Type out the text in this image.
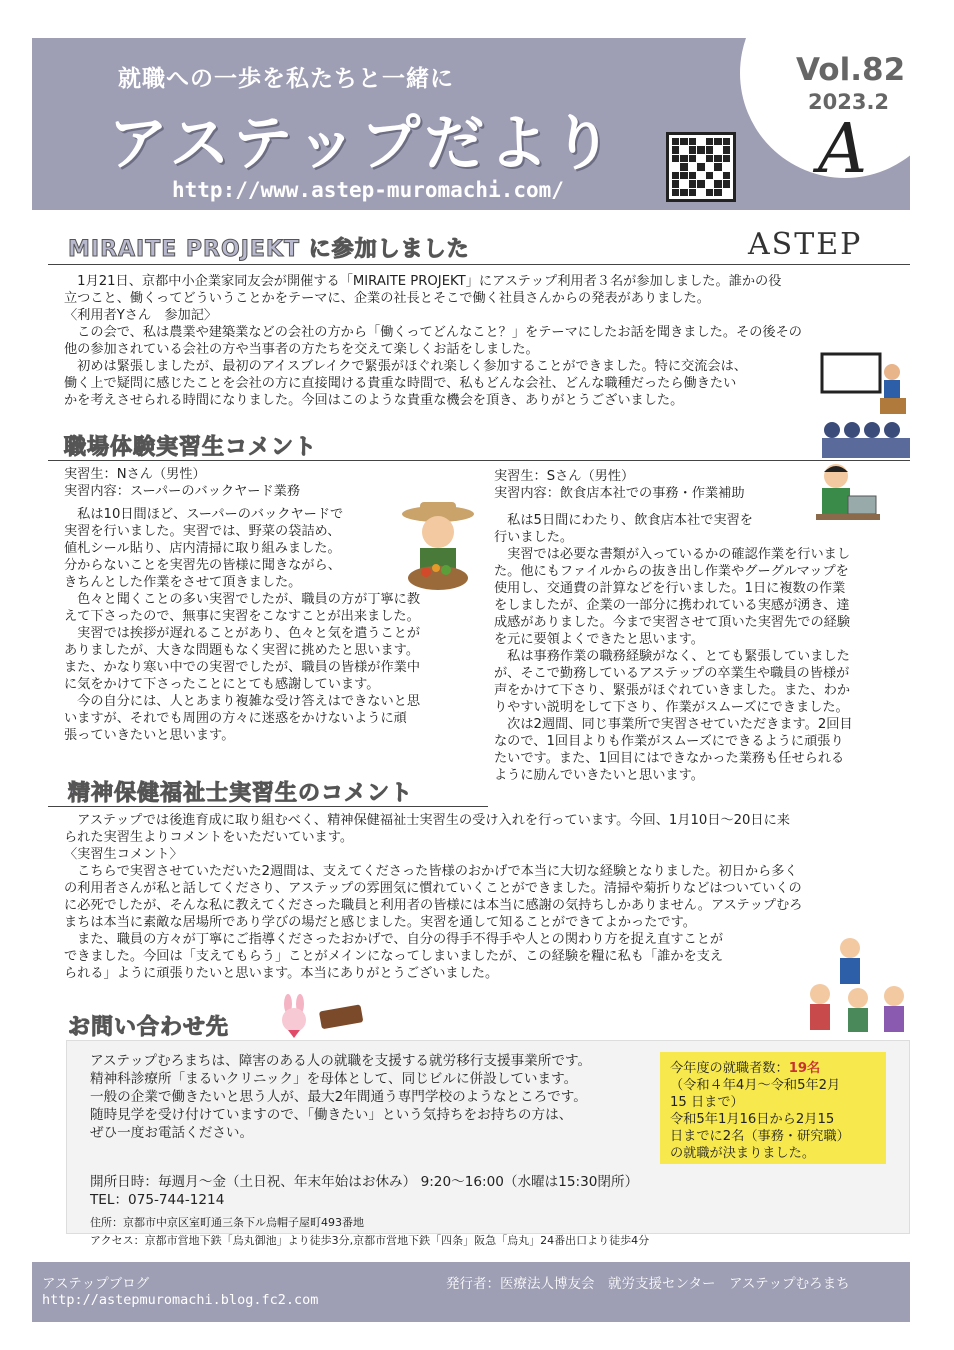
就職への一歩を私たちと一緒に
アステップだより
http://www.astep-muromachi.com/
Vol.82
2023.2
A
MIRAITE PROJEKT に参加しました	ASTEP
　1月21日、京都中小企業家同友会が開催する「MIRAITE PROJEKT」にアステップ利用者３名が参加しました。誰かの役
立つこと、働くってどういうことかをテーマに、企業の社長とそこで働く社員さんからの発表がありました。
〈利用者Yさん　参加記〉
　この会で、私は農業や建築業などの会社の方から「働くってどんなこと？」をテーマにしたお話を聞きました。その後その
他の参加されている会社の方や当事者の方たちを交えて楽しくお話をしました。
　初めは緊張しましたが、最初のアイスブレイクで緊張がほぐれ楽しく参加することができました。特に交流会は、
働く上で疑問に感じたことを会社の方に直接聞ける貴重な時間で、私もどんな会社、どんな職種だったら働きたい
かを考えさせられる時間になりました。今回はこのような貴重な機会を頂き、ありがとうございました。
職場体験実習生コメント
実習生：Nさん（男性）
実習内容：スーパーのバックヤード業務
　私は10日間ほど、スーパーのバックヤードで
実習を行いました。実習では、野菜の袋詰め、
値札シール貼り、店内清掃に取り組みました。
分からないことを実習先の皆様に聞きながら、
きちんとした作業をさせて頂きました。
　色々と聞くことの多い実習でしたが、職員の方が丁寧に教
えて下さったので、無事に実習をこなすことが出来ました。
　実習では挨拶が遅れることがあり、色々と気を遣うことが
ありましたが、大きな問題もなく実習に挑めたと思います。
また、かなり寒い中での実習でしたが、職員の皆様が作業中
に気をかけて下さったことにとても感謝しています。
　今の自分には、人とあまり複雑な受け答えはできないと思
いますが、それでも周囲の方々に迷惑をかけないように頑
張っていきたいと思います。
実習生：Sさん（男性）
実習内容：飲食店本社での事務・作業補助
　私は5日間にわたり、飲食店本社で実習を
行いました。
　実習では必要な書類が入っているかの確認作業を行いまし
た。他にもファイルからの抜き出し作業やグーグルマップを
使用し、交通費の計算などを行いました。1日に複数の作業
をしましたが、企業の一部分に携われている実感が湧き、達
成感がありました。今まで実習させて頂いた実習先での経験
を元に要領よくできたと思います。
　私は事務作業の職務経験がなく、とても緊張していました
が、そこで勤務しているアステップの卒業生や職員の皆様が
声をかけて下さり、緊張がほぐれていきました。また、わか
りやすい説明をして下さり、作業がスムーズにできました。
　次は2週間、同じ事業所で実習させていただきます。2回目
なので、1回目よりも作業がスムーズにできるように頑張り
たいです。また、1回目にはできなかった業務も任せられる
ように励んでいきたいと思います。
精神保健福祉士実習生のコメント
　アステップでは後進育成に取り組むべく、精神保健福祉士実習生の受け入れを行っています。今回、1月10日〜20日に来
られた実習生よりコメントをいただいています。
〈実習生コメント〉
　こちらで実習させていただいた2週間は、支えてくださった皆様のおかげで本当に大切な経験となりました。初日から多く
の利用者さんが私と話してくださり、アステップの雰囲気に慣れていくことができました。清掃や菊折りなどはついていくの
に必死でしたが、そんな私に教えてくださった職員と利用者の皆様には本当に感謝の気持ちしかありません。アステップむろ
まちは本当に素敵な居場所であり学びの場だと感じました。実習を通して知ることができてよかったです。
　また、職員の方々が丁寧にご指導くださったおかげで、自分の得手不得手や人との関わり方を捉え直すことが
できました。今回は「支えてもらう」ことがメインになってしまいましたが、この経験を糧に私も「誰かを支え
られる」ように頑張りたいと思います。本当にありがとうございました。
お問い合わせ先
アステップむろまちは、障害のある人の就職を支援する就労移行支援事業所です。
精神科診療所「まるいクリニック」を母体として、同じビルに併設しています。
一般の企業で働きたいと思う人が、最大2年間通う専門学校のようなところです。
随時見学を受け付けていますので、「働きたい」という気持ちをお持ちの方は、
ぜひ一度お電話ください。
今年度の就職者数：19名
（令和４年4月〜令和5年2月
15 日まで）
令和5年1月16日から2月15
日までに2名（事務・研究職）
の就職が決まりました。
開所日時：毎週月〜金（土日祝、年末年始はお休み） 9:20〜16:00（水曜は15:30閉所）
TEL：075-744-1214
住所：京都市中京区室町通三条下ル烏帽子屋町493番地
アクセス：京都市営地下鉄「烏丸御池」より徒歩3分,京都市営地下鉄「四条」阪急「烏丸」24番出口より徒歩4分
アステップブログ
http://astepmuromachi.blog.fc2.com
発行者：医療法人博友会　就労支援センター　アステップむろまち
